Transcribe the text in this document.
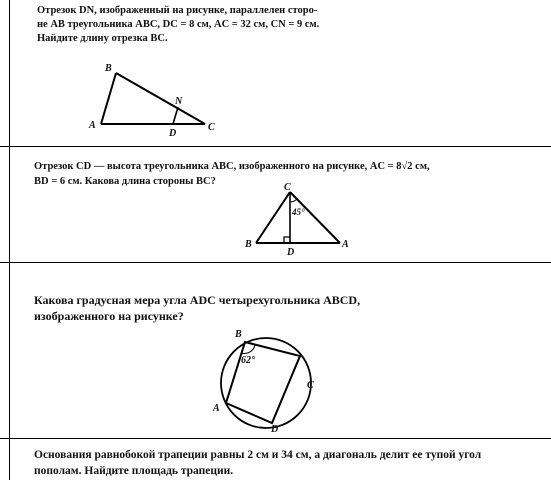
Отрезок DN, изображенный на рисунке, параллелен сторо-
не AB треугольника ABC, DC = 8 см, AC = 32 см, CN = 9 см.
Найдите длину отрезка BC.
B
A
D
N
C
Отрезок CD — высота треугольника ABC, изображенного на рисунке, AC = 8√2 см,
BD = 6 см. Какова длина стороны BC?
C
45°
B
D
A
Какова градусная мера угла ADC четырехугольника ABCD,
изображенного на рисунке?
B
62°
C
A
D
Основания равнобокой трапеции равны 2 см и 34 см, а диагональ делит ее тупой угол
пополам. Найдите площадь трапеции.
